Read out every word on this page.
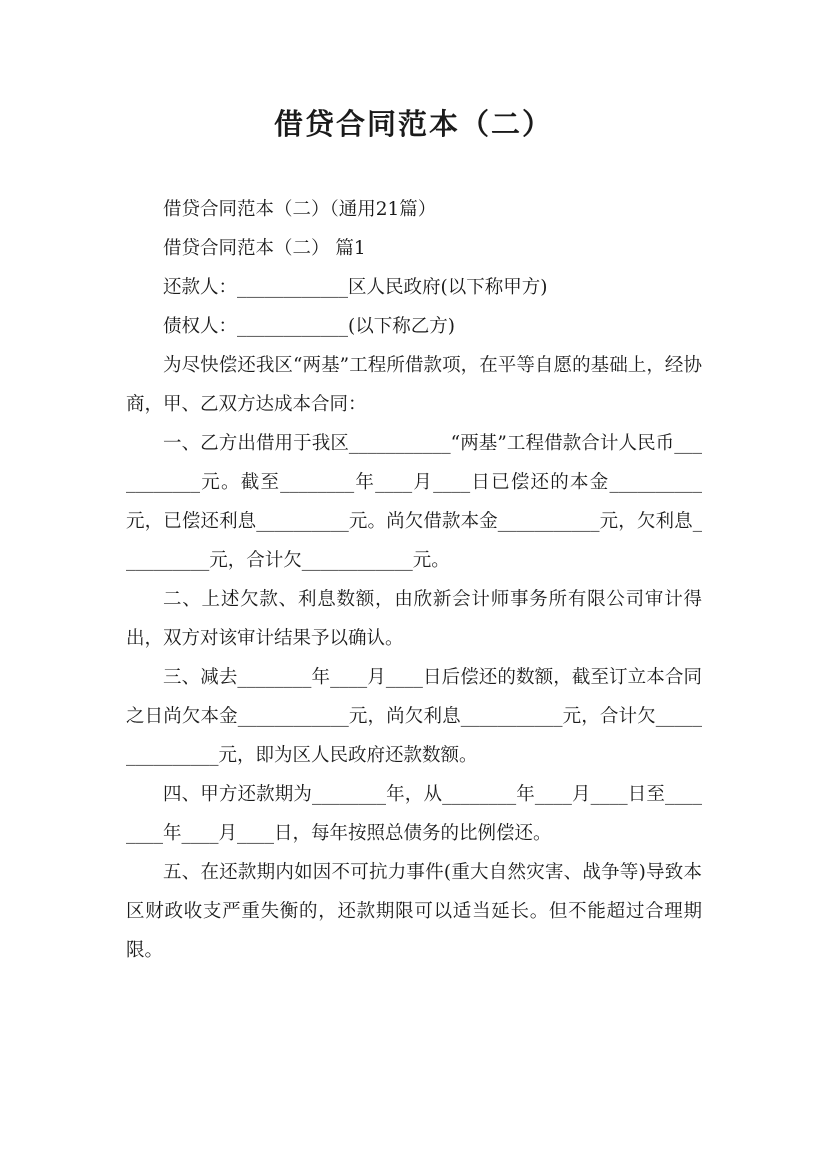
借贷合同范本（二）

借贷合同范本（二）（通用21篇）

借贷合同范本（二） 篇1

还款人：____________区人民政府(以下称甲方)

债权人：____________(以下称乙方)

为尽快偿还我区“两基”工程所借款项，在平等自愿的基础上，经协商，甲、乙双方达成本合同：

一、乙方出借用于我区___________“两基”工程借款合计人民币___________元。截至________年____月____日已偿还的本金__________元，已偿还利息__________元。尚欠借款本金___________元，欠利息__________元，合计欠____________元。

二、上述欠款、利息数额，由欣新会计师事务所有限公司审计得出，双方对该审计结果予以确认。

三、减去________年____月____日后偿还的数额，截至订立本合同之日尚欠本金____________元，尚欠利息___________元，合计欠_______________元，即为区人民政府还款数额。

四、甲方还款期为________年，从________年____月____日至________年____月____日，每年按照总债务的比例偿还。

五、在还款期内如因不可抗力事件(重大自然灾害、战争等)导致本区财政收支严重失衡的，还款期限可以适当延长。但不能超过合理期限。
